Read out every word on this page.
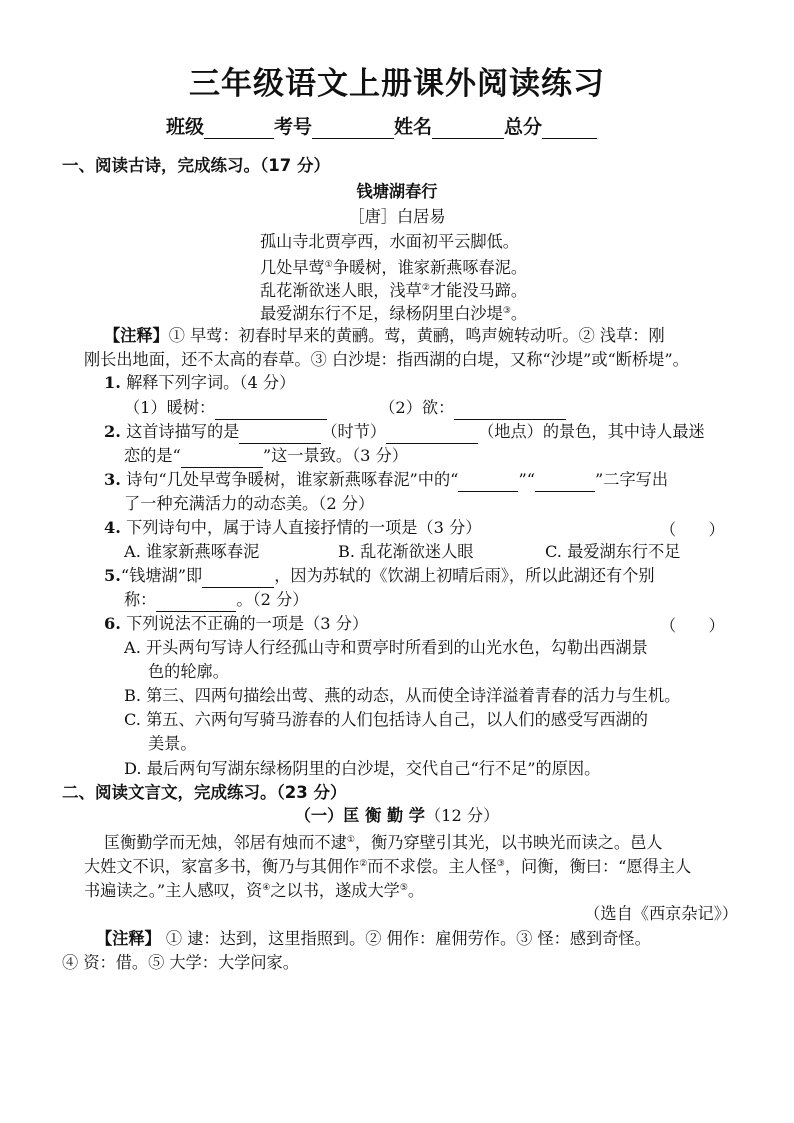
三年级语文上册课外阅读练习
班级	考号	姓名	总分
一、阅读古诗，完成练习。（17 分）
钱塘湖春行
［唐］白居易
孤山寺北贾亭西，水面初平云脚低。
几处早莺①争暖树，谁家新燕啄春泥。
乱花渐欲迷人眼，浅草②才能没马蹄。
最爱湖东行不足，绿杨阴里白沙堤③。
【注释】① 早莺：初春时早来的黄鹂。莺，黄鹂，鸣声婉转动听。② 浅草：刚
刚长出地面，还不太高的春草。③ 白沙堤：指西湖的白堤，又称“沙堤”或“断桥堤”。
1. 解释下列字词。（4 分）
（1）暖树：	（2）欲：
2. 这首诗描写的是	（时节）	（地点）的景色，其中诗人最迷
恋的是“	”这一景致。（3 分）
3. 诗句“几处早莺争暖树，谁家新燕啄春泥”中的“	”“	”二字写出
了一种充满活力的动态美。（2 分）
4. 下列诗句中，属于诗人直接抒情的一项是（3 分）	（　　）
A. 谁家新燕啄春泥	B. 乱花渐欲迷人眼	C. 最爱湖东行不足
5.“钱塘湖”即	，因为苏轼的《饮湖上初晴后雨》，所以此湖还有个别
称：	。（2 分）
6. 下列说法不正确的一项是（3 分）	（　　）
A. 开头两句写诗人行经孤山寺和贾亭时所看到的山光水色，勾勒出西湖景
色的轮廓。
B. 第三、四两句描绘出莺、燕的动态，从而使全诗洋溢着青春的活力与生机。
C. 第五、六两句写骑马游春的人们包括诗人自己，以人们的感受写西湖的
美景。
D. 最后两句写湖东绿杨阴里的白沙堤，交代自己“行不足”的原因。
二、阅读文言文，完成练习。（23 分）
（一）匡 衡 勤 学（12 分）
匡衡勤学而无烛，邻居有烛而不逮①，衡乃穿壁引其光，以书映光而读之。邑人
大姓文不识，家富多书，衡乃与其佣作②而不求偿。主人怪③，问衡，衡曰：“愿得主人
书遍读之。”主人感叹，资④之以书，遂成大学⑤。
（选自《西京杂记》）
【注释】 ① 逮：达到，这里指照到。② 佣作：雇佣劳作。③ 怪：感到奇怪。
④ 资：借。⑤ 大学：大学问家。
